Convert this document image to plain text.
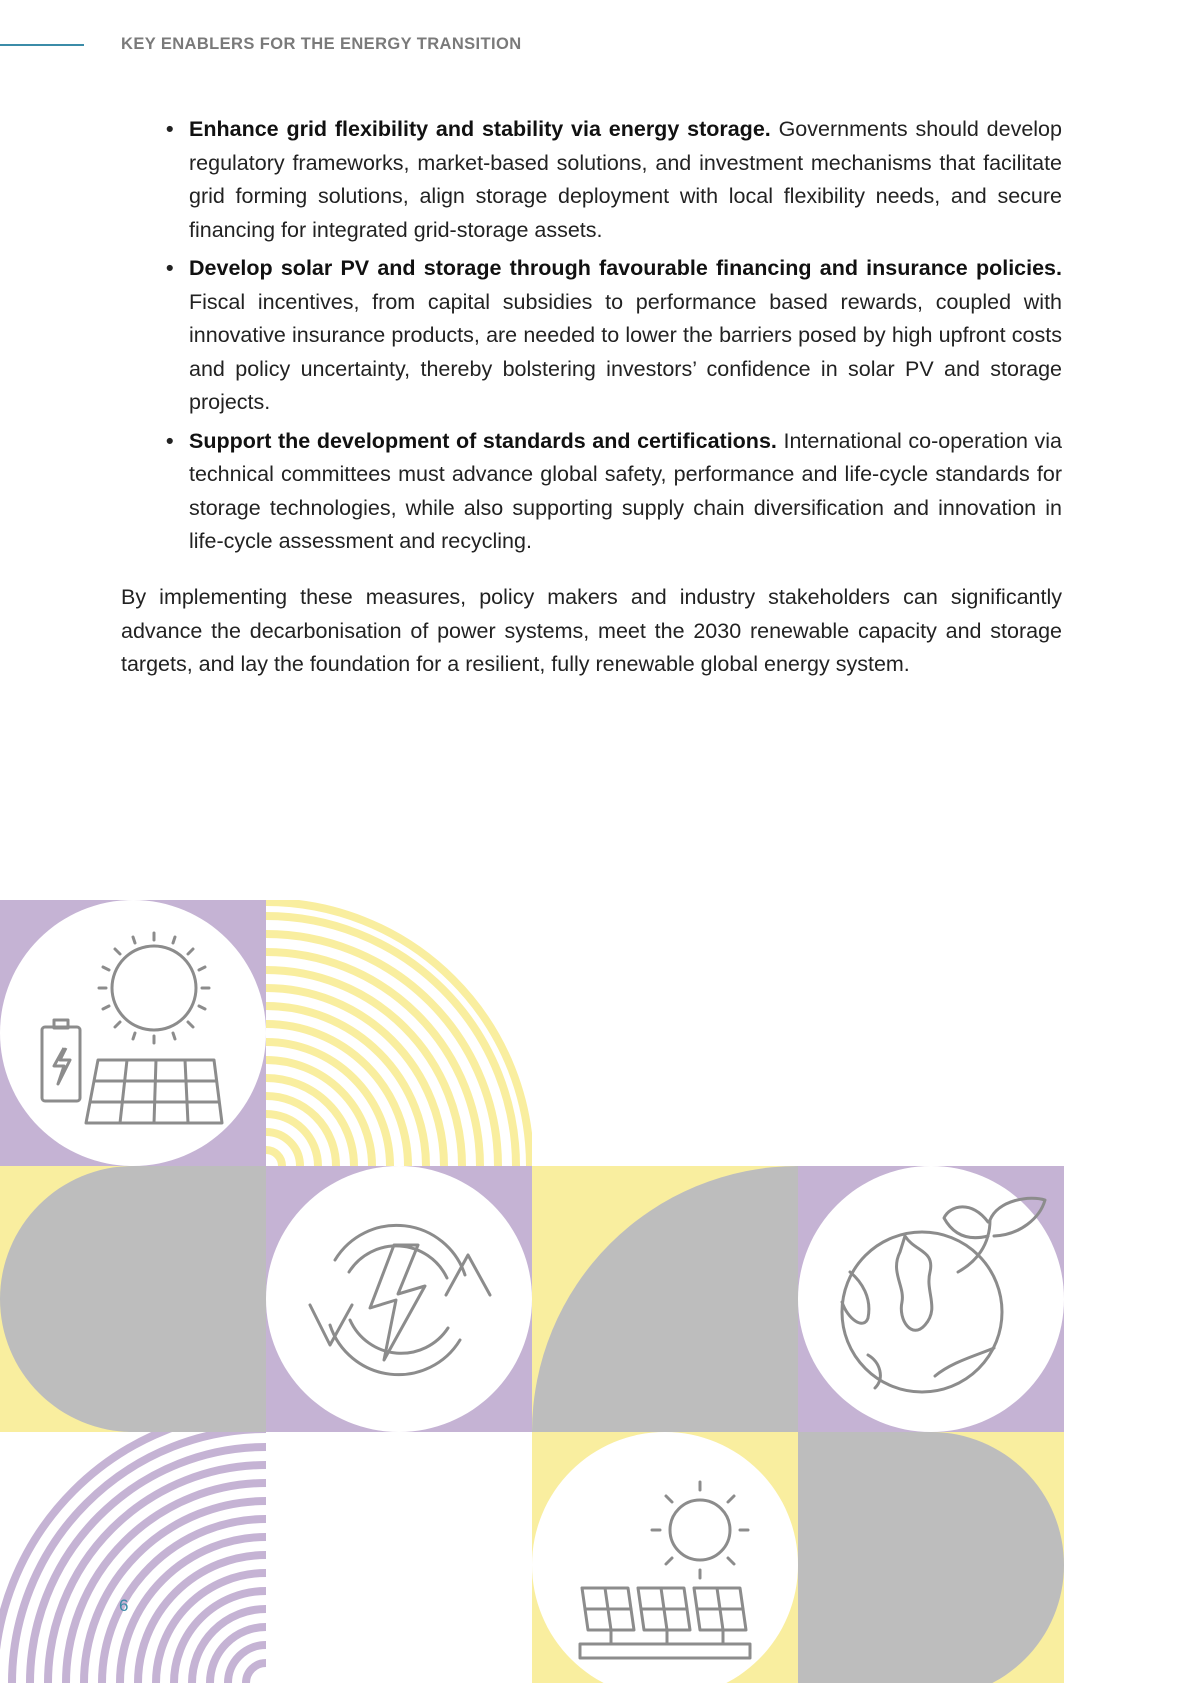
KEY ENABLERS FOR THE ENERGY TRANSITION
• Enhance grid flexibility and stability via energy storage. Governments should develop regulatory frameworks, market-based solutions, and investment mechanisms that facilitate grid forming solutions, align storage deployment with local flexibility needs, and secure financing for integrated grid-storage assets.
• Develop solar PV and storage through favourable financing and insurance policies. Fiscal incentives, from capital subsidies to performance based rewards, coupled with innovative insurance products, are needed to lower the barriers posed by high upfront costs and policy uncertainty, thereby bolstering investors’ confidence in solar PV and storage projects.
• Support the development of standards and certifications. International co-operation via technical committees must advance global safety, performance and life-cycle standards for storage technologies, while also supporting supply chain diversification and innovation in life-cycle assessment and recycling.

By implementing these measures, policy makers and industry stakeholders can significantly advance the decarbonisation of power systems, meet the 2030 renewable capacity and storage targets, and lay the foundation for a resilient, fully renewable global energy system.

6
